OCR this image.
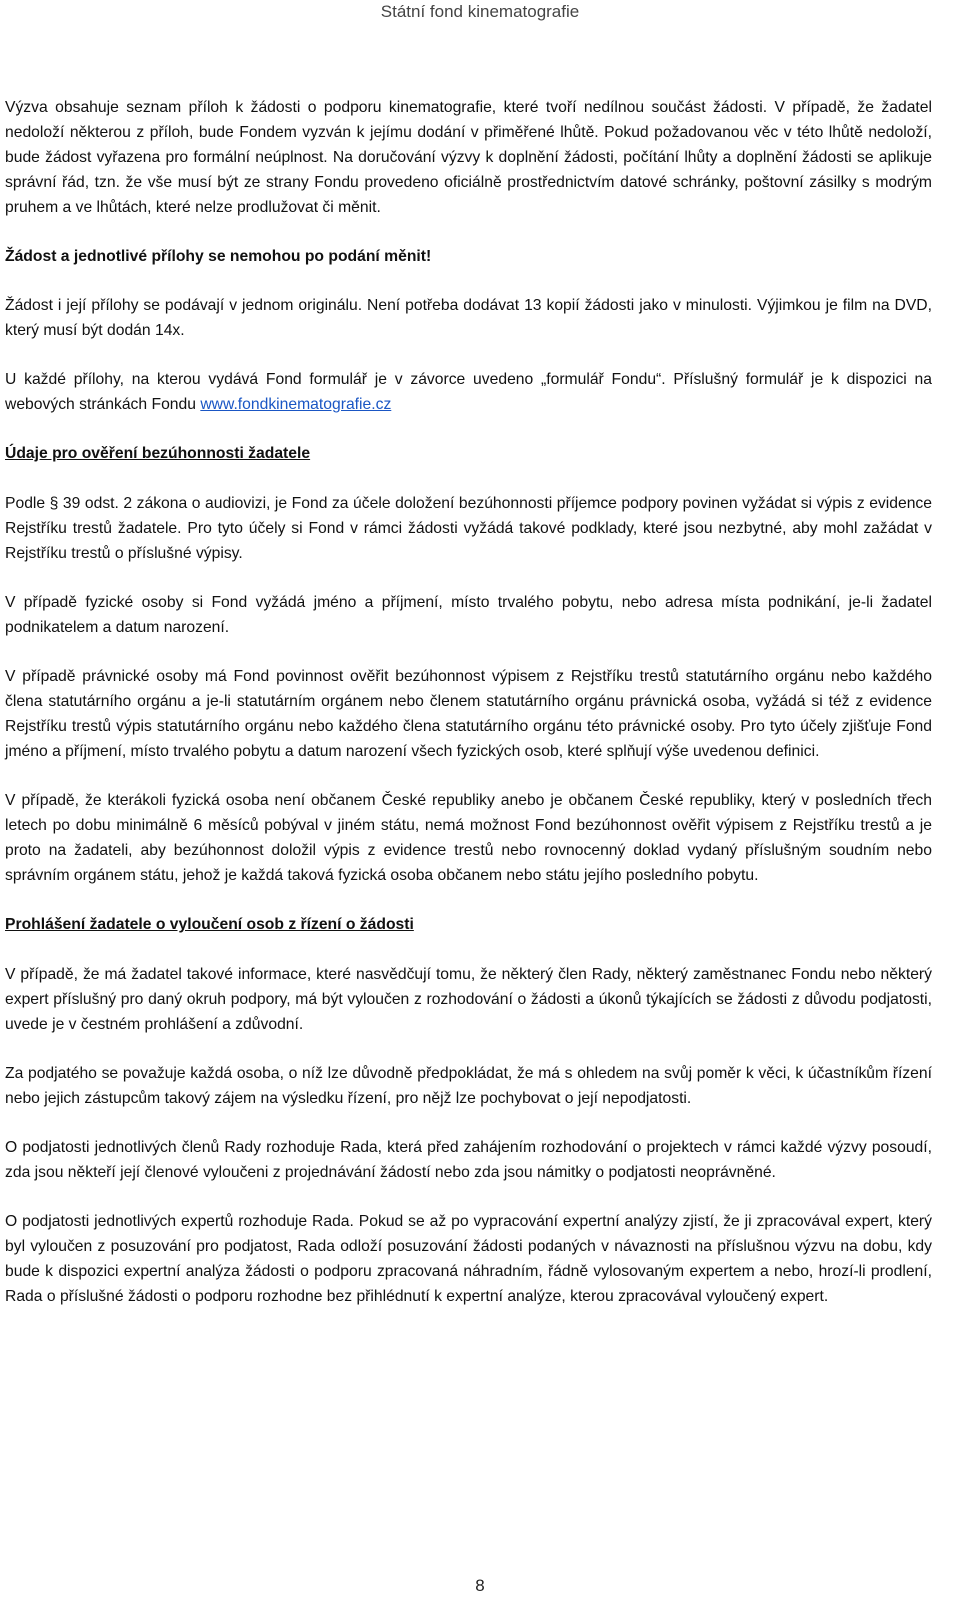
Státní fond kinematografie

Výzva obsahuje seznam příloh k žádosti o podporu kinematografie, které tvoří nedílnou součást žádosti. V případě, že žadatel nedoloží některou z příloh, bude Fondem vyzván k jejímu dodání v přiměřené lhůtě. Pokud požadovanou věc v této lhůtě nedoloží, bude žádost vyřazena pro formální neúplnost. Na doručování výzvy k doplnění žádosti, počítání lhůty a doplnění žádosti se aplikuje správní řád, tzn. že vše musí být ze strany Fondu provedeno oficiálně prostřednictvím datové schránky, poštovní zásilky s modrým pruhem a ve lhůtách, které nelze prodlužovat či měnit.

Žádost a jednotlivé přílohy se nemohou po podání měnit!

Žádost i její přílohy se podávají v jednom originálu. Není potřeba dodávat 13 kopií žádosti jako v minulosti. Výjimkou je film na DVD, který musí být dodán 14x.

U každé přílohy, na kterou vydává Fond formulář je v závorce uvedeno „formulář Fondu“. Příslušný formulář je k dispozici na webových stránkách Fondu www.fondkinematografie.cz

Údaje pro ověření bezúhonnosti žadatele

Podle § 39 odst. 2 zákona o audiovizi, je Fond za účele doložení bezúhonnosti příjemce podpory povinen vyžádat si výpis z evidence Rejstříku trestů žadatele. Pro tyto účely si Fond v rámci žádosti vyžádá takové podklady, které jsou nezbytné, aby mohl zažádat v Rejstříku trestů o příslušné výpisy.

V případě fyzické osoby si Fond vyžádá jméno a příjmení, místo trvalého pobytu, nebo adresa místa podnikání, je-li žadatel podnikatelem a datum narození.

V případě právnické osoby má Fond povinnost ověřit bezúhonnost výpisem z Rejstříku trestů statutárního orgánu nebo každého člena statutárního orgánu a je-li statutárním orgánem nebo členem statutárního orgánu právnická osoba, vyžádá si též z evidence Rejstříku trestů výpis statutárního orgánu nebo každého člena statutárního orgánu této právnické osoby. Pro tyto účely zjišťuje Fond jméno a příjmení, místo trvalého pobytu a datum narození všech fyzických osob, které splňují výše uvedenou definici.

V případě, že kterákoli fyzická osoba není občanem České republiky anebo je občanem České republiky, který v posledních třech letech po dobu minimálně 6 měsíců pobýval v jiném státu, nemá možnost Fond bezúhonnost ověřit výpisem z Rejstříku trestů a je proto na žadateli, aby bezúhonnost doložil výpis z evidence trestů nebo rovnocenný doklad vydaný příslušným soudním nebo správním orgánem státu, jehož je každá taková fyzická osoba občanem nebo státu jejího posledního pobytu.

Prohlášení žadatele o vyloučení osob z řízení o žádosti

V případě, že má žadatel takové informace, které nasvědčují tomu, že některý člen Rady, některý zaměstnanec Fondu nebo některý expert příslušný pro daný okruh podpory, má být vyloučen z rozhodování o žádosti a úkonů týkajících se žádosti z důvodu podjatosti, uvede je v čestném prohlášení a zdůvodní.

Za podjatého se považuje každá osoba, o níž lze důvodně předpokládat, že má s ohledem na svůj poměr k věci, k účastníkům řízení nebo jejich zástupcům takový zájem na výsledku řízení, pro nějž lze pochybovat o její nepodjatosti.

O podjatosti jednotlivých členů Rady rozhoduje Rada, která před zahájením rozhodování o projektech v rámci každé výzvy posoudí, zda jsou někteří její členové vyloučeni z projednávání žádostí nebo zda jsou námitky o podjatosti neoprávněné.

O podjatosti jednotlivých expertů rozhoduje Rada. Pokud se až po vypracování expertní analýzy zjistí, že ji zpracovával expert, který byl vyloučen z posuzování pro podjatost, Rada odloží posuzování žádosti podaných v návaznosti na příslušnou výzvu na dobu, kdy bude k dispozici expertní analýza žádosti o podporu zpracovaná náhradním, řádně vylosovaným expertem a nebo, hrozí-li prodlení, Rada o příslušné žádosti o podporu rozhodne bez přihlédnutí k expertní analýze, kterou zpracovával vyloučený expert.

8
